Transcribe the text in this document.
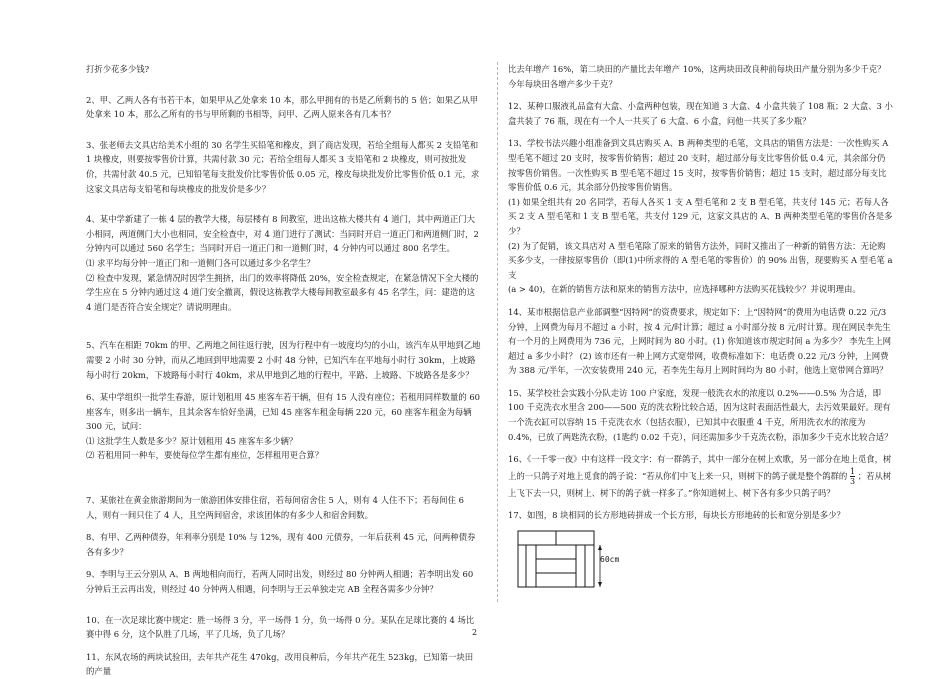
打折少花多少钱?

2、甲、乙两人各有书若干本，如果甲从乙处拿来 10 本，那么甲拥有的书是乙所剩书的 5 倍；如果乙从甲处拿来 10 本，那么乙所有的书与甲所剩的书相等，问甲、乙两人原来各有几本书？

3、张老师去文具店给美术小组的 30 名学生买铅笔和橡皮，到了商店发现，若给全组每人都买 2 支铅笔和 1 块橡皮，则要按零售价计算，共需付款 30 元；若给全组每人都买 3 支铅笔和 2 块橡皮，则可按批发价，共需付款 40.5 元，已知铅笔每支批发价比零售价低 0.05 元，橡皮每块批发价比零售价低 0.1 元，求这家文具店每支铅笔和每块橡皮的批发价是多少？

4、某中学新建了一栋 4 层的教学大楼，每层楼有 8 间教室，进出这栋大楼共有 4 道门，其中两道正门大小相同，两道侧门大小也相同，安全检查中，对 4 道门进行了测试：当同时开启一道正门和两道侧门时，2 分钟内可以通过 560 名学生；当同时开启一道正门和一道侧门时，4 分钟内可以通过 800 名学生。

⑴ 求平均每分钟一道正门和一道侧门各可以通过多少名学生？

⑵ 检查中发现，紧急情况时因学生拥挤，出门的效率将降低 20%，安全检查规定，在紧急情况下全大楼的学生应在 5 分钟内通过这 4 道门安全撤离，假设这栋教学大楼每间教室最多有 45 名学生，问：建造的这 4 道门是否符合安全规定？请说明理由。

5、汽车在相距 70km 的甲、乙两地之间往返行驶，因为行程中有一坡度均匀的小山，该汽车从甲地到乙地需要 2 小时 30 分钟，而从乙地回到甲地需要 2 小时 48 分钟，已知汽车在平地每小时行 30km，上坡路每小时行 20km，下坡路每小时行 40km，求从甲地到乙地的行程中，平路、上坡路、下坡路各是多少？

6、某中学组织一批学生春游，原计划租用 45 座客车若干辆，但有 15 人没有座位；若租用同样数量的 60 座客车，则多出一辆车，且其余客车恰好坐满，已知 45 座客车租金每辆 220 元，60 座客车租金为每辆 300 元，试问：

⑴ 这批学生人数是多少？原计划租用 45 座客车多少辆？

⑵ 若租用同一种车，要使每位学生都有座位，怎样租用更合算？

7、某旅社在黄金旅游期间为一旅游团体安排住宿，若每间宿舍住 5 人，则有 4 人住不下；若每间住 6 人，则有一间只住了 4 人，且空两间宿舍，求该团体的有多少人和宿舍间数。

8、有甲、乙两种债券，年利率分别是 10% 与 12%，现有 400 元债券，一年后获利 45 元，问两种债券各有多少？

9、李明与王云分别从 A、B 两地相向而行，若两人同时出发，则经过 80 分钟两人相遇；若李明出发 60 分钟后王云再出发，则经过 40 分钟两人相遇，问李明与王云单独走完 AB 全程各需多少分钟？

10、在一次足球比赛中规定：胜一场得 3 分，平一场得 1 分，负一场得 0 分。某队在足球比赛的 4 场比赛中得 6 分，这个队胜了几场，平了几场，负了几场？

11、东风农场的两块试验田，去年共产花生 470kg，改用良种后，今年共产花生 523kg，已知第一块田的产量

比去年增产 16%，第二块田的产量比去年增产 10%，这两块田改良种前每块田产量分别为多少千克？今年每块田各增产多少千克？

12、某种口服液礼品盒有大盒、小盒两种包装，现在知道 3 大盒、4 小盒共装了 108 瓶；2 大盒、3 小盒共装了 76 瓶，现在有一个人一共买了 6 大盒、6 小盒，问他一共买了多少瓶？

13、学校书法兴趣小组准备到文具店购买 A、B 两种类型的毛笔，文具店的销售方法是：一次性购买 A 型毛笔不超过 20 支时，按零售价销售；超过 20 支时，超过部分每支比零售价低 0.4 元，其余部分仍按零售价销售。一次性购买 B 型毛笔不超过 15 支时，按零售价销售；超过 15 支时，超过部分每支比零售价低 0.6 元，其余部分仍按零售价销售。

(1) 如果全组共有 20 名同学，若每人各买 1 支 A 型毛笔和 2 支 B 型毛笔，共支付 145 元；若每人各买 2 支 A 型毛笔和 1 支 B 型毛笔，共支付 129 元，这家文具店的 A、B 两种类型毛笔的零售价各是多少？

(2) 为了促销，该文具店对 A 型毛笔除了原来的销售方法外，同时又推出了一种新的销售方法：无论购买多少支，一律按原零售价（即(1)中所求得的 A 型毛笔的零售价）的 90% 出售，现要购买 A 型毛笔 a 支

(a > 40)，在新的销售方法和原来的销售方法中，应选择哪种方法购买花钱较少？并说明理由。

14、某市根据信息产业部调整“因特网”的资费要求，规定如下：上“因特网”的费用为电话费 0.22 元/3 分钟，上网费为每月不超过 a 小时，按 4 元/时计算；超过 a 小时部分按 8 元/时计算。现在网民李先生有一个月的上网费用为 736 元，上网时间为 80 小时。(1) 你知道该市规定时间 a 为多少？ 李先生上网超过 a 多少小时？ (2) 该市还有一种上网方式宽带网，收费标准如下：电话费 0.22 元/3 分钟，上网费为 388 元/半年，一次安装费用 240 元，若李先生每月上网时间均为 80 小时，他选上宽带网合算吗？

15、某学校社会实践小分队走访 100 户家庭，发现一般洗衣水的浓度以 0.2%——0.5% 为合适，即 100 千克洗衣水里含 200——500 克的洗衣粉比较合适，因为这时表面活性最大，去污效果最好。现有一个洗衣缸可以容纳 15 千克洗衣水（包括衣服），已知其中衣服重 4 千克，所用洗衣水的浓度为 0.4%，已放了两匙洗衣粉，(1匙约 0.02 千克），问还需加多少千克洗衣粉，添加多少千克水比较合适？

16、《一千零一夜》中有这样一段文字：有一群鸽子，其中一部分在树上欢歌，另一部分在地上觅食，树上的一只鸽子对地上觅食的鸽子说：“若从你们中飞上来一只，则树下的鸽子就是整个鸽群的 $\frac{1}{3}$ ；若从树上飞下去一只，则树上、树下的鸽子就一样多了。”你知道树上、树下各有多少只鸽子吗？

17、如图，8 块相同的长方形地砖拼成一个长方形，每块长方形地砖的长和宽分别是多少？

60cm
2
